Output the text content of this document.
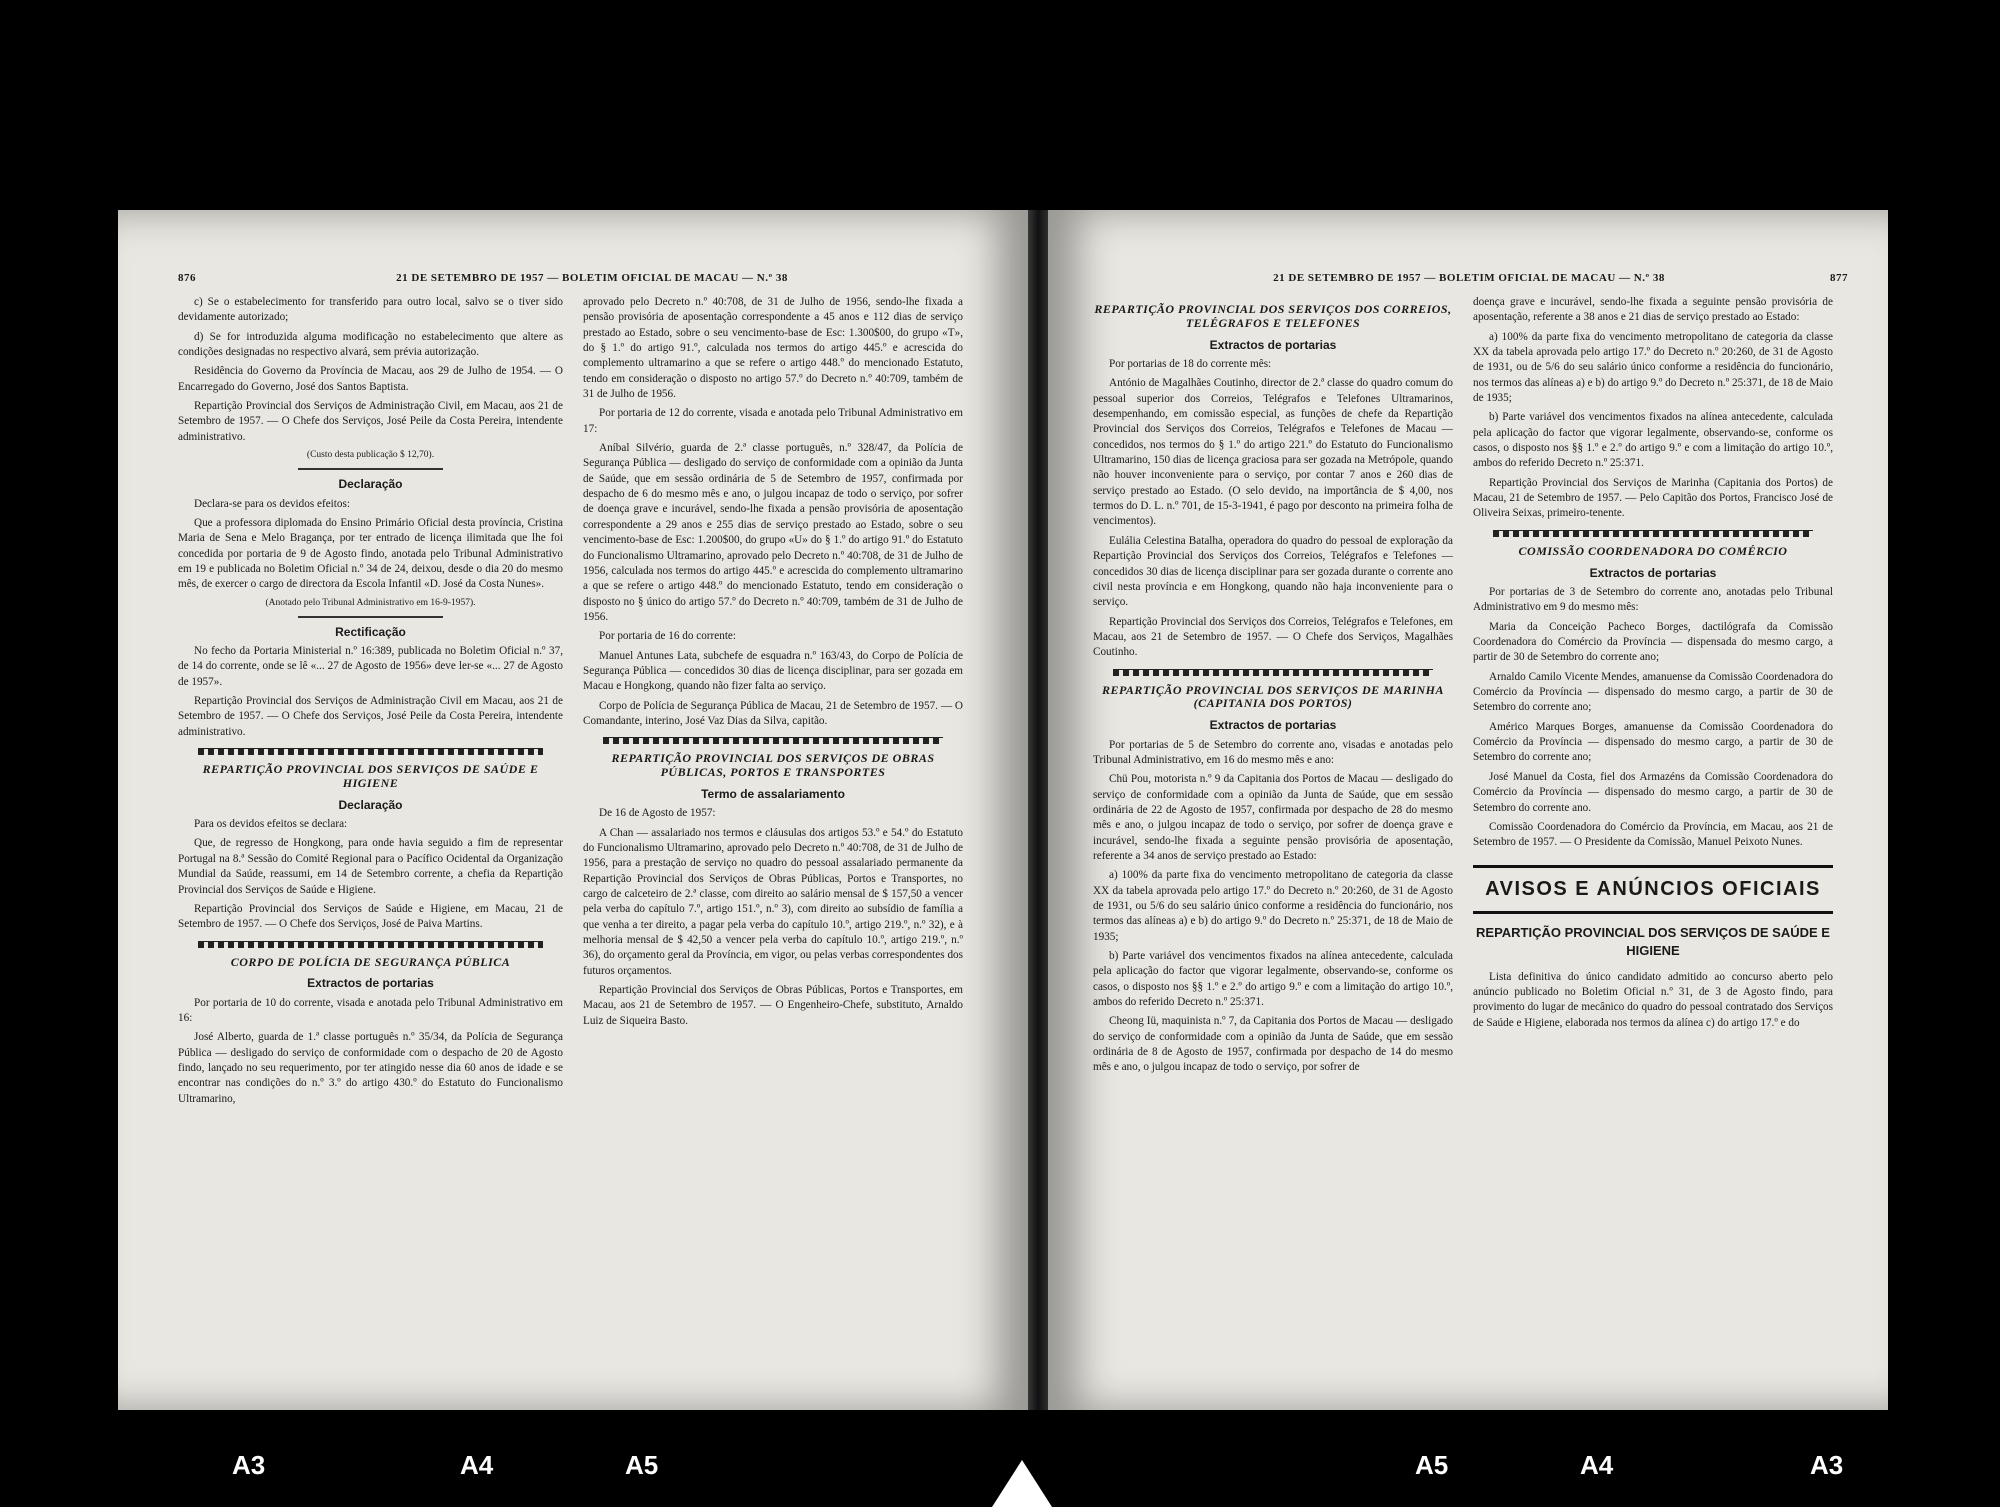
876	21 DE SETEMBRO DE 1957 — BOLETIM OFICIAL DE MACAU — N.º 38

c) Se o estabelecimento for transferido para outro local, salvo se o tiver sido devidamente autorizado;

d) Se for introduzida alguma modificação no estabelecimento que altere as condições designadas no respectivo alvará, sem prévia autorização.

Residência do Governo da Província de Macau, aos 29 de Julho de 1954. — O Encarregado do Governo, José dos Santos Baptista.

Repartição Provincial dos Serviços de Administração Civil, em Macau, aos 21 de Setembro de 1957. — O Chefe dos Serviços, José Peile da Costa Pereira, intendente administrativo.

(Custo desta publicação $ 12,70).
Declaração

Declara-se para os devidos efeitos:

Que a professora diplomada do Ensino Primário Oficial desta província, Cristina Maria de Sena e Melo Bragança, por ter entrado de licença ilimitada que lhe foi concedida por portaria de 9 de Agosto findo, anotada pelo Tribunal Administrativo em 19 e publicada no Boletim Oficial n.º 34 de 24, deixou, desde o dia 20 do mesmo mês, de exercer o cargo de directora da Escola Infantil «D. José da Costa Nunes».

(Anotado pelo Tribunal Administrativo em 16-9-1957).
Rectificação

No fecho da Portaria Ministerial n.º 16:389, publicada no Boletim Oficial n.º 37, de 14 do corrente, onde se lê «... 27 de Agosto de 1956» deve ler-se «... 27 de Agosto de 1957».

Repartição Provincial dos Serviços de Administração Civil em Macau, aos 21 de Setembro de 1957. — O Chefe dos Serviços, José Peile da Costa Pereira, intendente administrativo.

REPARTIÇÃO PROVINCIAL DOS SERVIÇOS DE SAÚDE E HIGIENE
Declaração

Para os devidos efeitos se declara:

Que, de regresso de Hongkong, para onde havia seguido a fim de representar Portugal na 8.ª Sessão do Comité Regional para o Pacífico Ocidental da Organização Mundial da Saúde, reassumi, em 14 de Setembro corrente, a chefia da Repartição Provincial dos Serviços de Saúde e Higiene.

Repartição Provincial dos Serviços de Saúde e Higiene, em Macau, 21 de Setembro de 1957. — O Chefe dos Serviços, José de Paiva Martins.

CORPO DE POLÍCIA DE SEGURANÇA PÚBLICA
Extractos de portarias

Por portaria de 10 do corrente, visada e anotada pelo Tribunal Administrativo em 16:

José Alberto, guarda de 1.ª classe português n.º 35/34, da Polícia de Segurança Pública — desligado do serviço de conformidade com o despacho de 20 de Agosto findo, lançado no seu requerimento, por ter atingido nesse dia 60 anos de idade e se encontrar nas condições do n.º 3.º do artigo 430.º do Estatuto do Funcionalismo Ultramarino,

aprovado pelo Decreto n.º 40:708, de 31 de Julho de 1956, sendo-lhe fixada a pensão provisória de aposentação correspondente a 45 anos e 112 dias de serviço prestado ao Estado, sobre o seu vencimento-base de Esc: 1.300$00, do grupo «T», do § 1.º do artigo 91.º, calculada nos termos do artigo 445.º e acrescida do complemento ultramarino a que se refere o artigo 448.º do mencionado Estatuto, tendo em consideração o disposto no artigo 57.º do Decreto n.º 40:709, também de 31 de Julho de 1956.

Por portaria de 12 do corrente, visada e anotada pelo Tribunal Administrativo em 17:

Aníbal Silvério, guarda de 2.ª classe português, n.º 328/47, da Polícia de Segurança Pública — desligado do serviço de conformidade com a opinião da Junta de Saúde, que em sessão ordinária de 5 de Setembro de 1957, confirmada por despacho de 6 do mesmo mês e ano, o julgou incapaz de todo o serviço, por sofrer de doença grave e incurável, sendo-lhe fixada a pensão provisória de aposentação correspondente a 29 anos e 255 dias de serviço prestado ao Estado, sobre o seu vencimento-base de Esc: 1.200$00, do grupo «U» do § 1.º do artigo 91.º do Estatuto do Funcionalismo Ultramarino, aprovado pelo Decreto n.º 40:708, de 31 de Julho de 1956, calculada nos termos do artigo 445.º e acrescida do complemento ultramarino a que se refere o artigo 448.º do mencionado Estatuto, tendo em consideração o disposto no § único do artigo 57.º do Decreto n.º 40:709, também de 31 de Julho de 1956.

Por portaria de 16 do corrente:

Manuel Antunes Lata, subchefe de esquadra n.º 163/43, do Corpo de Polícia de Segurança Pública — concedidos 30 dias de licença disciplinar, para ser gozada em Macau e Hongkong, quando não fizer falta ao serviço.

Corpo de Polícia de Segurança Pública de Macau, 21 de Setembro de 1957. — O Comandante, interino, José Vaz Dias da Silva, capitão.

REPARTIÇÃO PROVINCIAL DOS SERVIÇOS DE OBRAS PÚBLICAS, PORTOS E TRANSPORTES
Termo de assalariamento

De 16 de Agosto de 1957:

A Chan — assalariado nos termos e cláusulas dos artigos 53.º e 54.º do Estatuto do Funcionalismo Ultramarino, aprovado pelo Decreto n.º 40:708, de 31 de Julho de 1956, para a prestação de serviço no quadro do pessoal assalariado permanente da Repartição Provincial dos Serviços de Obras Públicas, Portos e Transportes, no cargo de calceteiro de 2.ª classe, com direito ao salário mensal de $ 157,50 a vencer pela verba do capítulo 7.º, artigo 151.º, n.º 3), com direito ao subsídio de família a que venha a ter direito, a pagar pela verba do capítulo 10.º, artigo 219.º, n.º 32), e à melhoria mensal de $ 42,50 a vencer pela verba do capítulo 10.º, artigo 219.º, n.º 36), do orçamento geral da Província, em vigor, ou pelas verbas correspondentes dos futuros orçamentos.

Repartição Provincial dos Serviços de Obras Públicas, Portos e Transportes, em Macau, aos 21 de Setembro de 1957. — O Engenheiro-Chefe, substituto, Arnaldo Luiz de Siqueira Basto.

21 DE SETEMBRO DE 1957 — BOLETIM OFICIAL DE MACAU — N.º 38	877
REPARTIÇÃO PROVINCIAL DOS SERVIÇOS DOS CORREIOS, TELÉGRAFOS E TELEFONES
Extractos de portarias

Por portarias de 18 do corrente mês:

António de Magalhães Coutinho, director de 2.ª classe do quadro comum do pessoal superior dos Correios, Telégrafos e Telefones Ultramarinos, desempenhando, em comissão especial, as funções de chefe da Repartição Provincial dos Serviços dos Correios, Telégrafos e Telefones de Macau — concedidos, nos termos do § 1.º do artigo 221.º do Estatuto do Funcionalismo Ultramarino, 150 dias de licença graciosa para ser gozada na Metrópole, quando não houver inconveniente para o serviço, por contar 7 anos e 260 dias de serviço prestado ao Estado. (O selo devido, na importância de $ 4,00, nos termos do D. L. n.º 701, de 15-3-1941, é pago por desconto na primeira folha de vencimentos).

Eulália Celestina Batalha, operadora do quadro do pessoal de exploração da Repartição Provincial dos Serviços dos Correios, Telégrafos e Telefones — concedidos 30 dias de licença disciplinar para ser gozada durante o corrente ano civil nesta província e em Hongkong, quando não haja inconveniente para o serviço.

Repartição Provincial dos Serviços dos Correios, Telégrafos e Telefones, em Macau, aos 21 de Setembro de 1957. — O Chefe dos Serviços, Magalhães Coutinho.

REPARTIÇÃO PROVINCIAL DOS SERVIÇOS DE MARINHA (CAPITANIA DOS PORTOS)
Extractos de portarias

Por portarias de 5 de Setembro do corrente ano, visadas e anotadas pelo Tribunal Administrativo, em 16 do mesmo mês e ano:

Chü Pou, motorista n.º 9 da Capitania dos Portos de Macau — desligado do serviço de conformidade com a opinião da Junta de Saúde, que em sessão ordinária de 22 de Agosto de 1957, confirmada por despacho de 28 do mesmo mês e ano, o julgou incapaz de todo o serviço, por sofrer de doença grave e incurável, sendo-lhe fixada a seguinte pensão provisória de aposentação, referente a 34 anos de serviço prestado ao Estado:

a) 100% da parte fixa do vencimento metropolitano de categoria da classe XX da tabela aprovada pelo artigo 17.º do Decreto n.º 20:260, de 31 de Agosto de 1931, ou 5/6 do seu salário único conforme a residência do funcionário, nos termos das alíneas a) e b) do artigo 9.º do Decreto n.º 25:371, de 18 de Maio de 1935;

b) Parte variável dos vencimentos fixados na alínea antecedente, calculada pela aplicação do factor que vigorar legalmente, observando-se, conforme os casos, o disposto nos §§ 1.º e 2.º do artigo 9.º e com a limitação do artigo 10.º, ambos do referido Decreto n.º 25:371.

Cheong Iü, maquinista n.º 7, da Capitania dos Portos de Macau — desligado do serviço de conformidade com a opinião da Junta de Saúde, que em sessão ordinária de 8 de Agosto de 1957, confirmada por despacho de 14 do mesmo mês e ano, o julgou incapaz de todo o serviço, por sofrer de

doença grave e incurável, sendo-lhe fixada a seguinte pensão provisória de aposentação, referente a 38 anos e 21 dias de serviço prestado ao Estado:

a) 100% da parte fixa do vencimento metropolitano de categoria da classe XX da tabela aprovada pelo artigo 17.º do Decreto n.º 20:260, de 31 de Agosto de 1931, ou de 5/6 do seu salário único conforme a residência do funcionário, nos termos das alíneas a) e b) do artigo 9.º do Decreto n.º 25:371, de 18 de Maio de 1935;

b) Parte variável dos vencimentos fixados na alínea antecedente, calculada pela aplicação do factor que vigorar legalmente, observando-se, conforme os casos, o disposto nos §§ 1.º e 2.º do artigo 9.º e com a limitação do artigo 10.º, ambos do referido Decreto n.º 25:371.

Repartição Provincial dos Serviços de Marinha (Capitania dos Portos) de Macau, 21 de Setembro de 1957. — Pelo Capitão dos Portos, Francisco José de Oliveira Seixas, primeiro-tenente.

COMISSÃO COORDENADORA DO COMÉRCIO
Extractos de portarias

Por portarias de 3 de Setembro do corrente ano, anotadas pelo Tribunal Administrativo em 9 do mesmo mês:

Maria da Conceição Pacheco Borges, dactilógrafa da Comissão Coordenadora do Comércio da Província — dispensada do mesmo cargo, a partir de 30 de Setembro do corrente ano;

Arnaldo Camilo Vicente Mendes, amanuense da Comissão Coordenadora do Comércio da Província — dispensado do mesmo cargo, a partir de 30 de Setembro do corrente ano;

Américo Marques Borges, amanuense da Comissão Coordenadora do Comércio da Província — dispensado do mesmo cargo, a partir de 30 de Setembro do corrente ano;

José Manuel da Costa, fiel dos Armazéns da Comissão Coordenadora do Comércio da Província — dispensado do mesmo cargo, a partir de 30 de Setembro do corrente ano.

Comissão Coordenadora do Comércio da Província, em Macau, aos 21 de Setembro de 1957. — O Presidente da Comissão, Manuel Peixoto Nunes.

AVISOS E ANÚNCIOS OFICIAIS
REPARTIÇÃO PROVINCIAL DOS SERVIÇOS DE SAÚDE E HIGIENE

Lista definitiva do único candidato admitido ao concurso aberto pelo anúncio publicado no Boletim Oficial n.º 31, de 3 de Agosto findo, para provimento do lugar de mecânico do quadro do pessoal contratado dos Serviços de Saúde e Higiene, elaborada nos termos da alínea c) do artigo 17.º e do

A3	A4	A5	A5	A4	A3
